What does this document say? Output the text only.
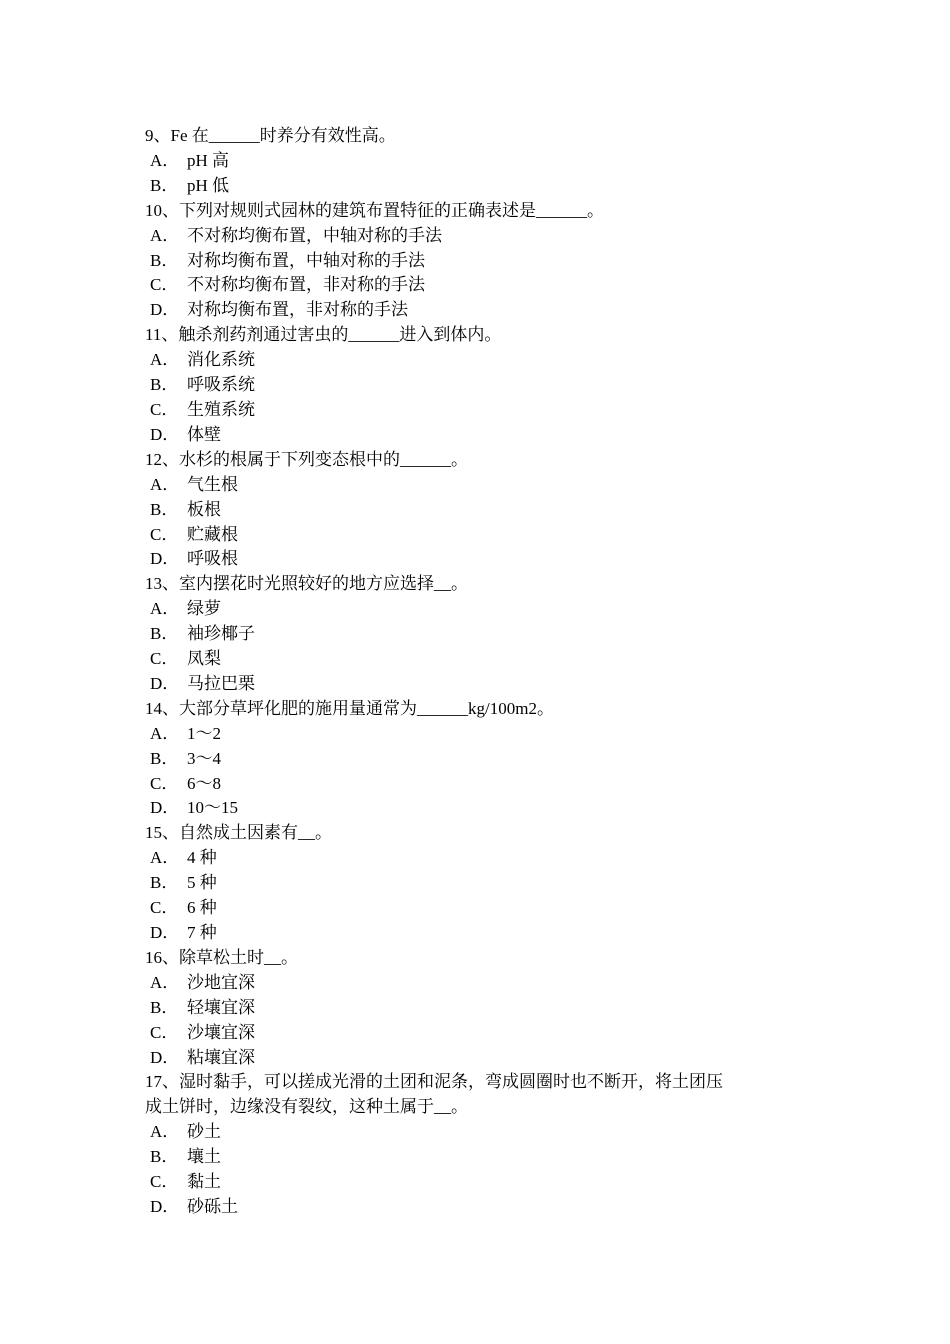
9、Fe 在______时养分有效性高。

A． pH 高

B． pH 低

10、下列对规则式园林的建筑布置特征的正确表述是______。

A． 不对称均衡布置，中轴对称的手法

B． 对称均衡布置，中轴对称的手法

C． 不对称均衡布置，非对称的手法

D． 对称均衡布置，非对称的手法

11、触杀剂药剂通过害虫的______进入到体内。

A． 消化系统

B． 呼吸系统

C． 生殖系统

D． 体壁

12、水杉的根属于下列变态根中的______。

A． 气生根

B． 板根

C． 贮藏根

D． 呼吸根

13、室内摆花时光照较好的地方应选择__。

A． 绿萝

B． 袖珍椰子

C． 凤梨

D． 马拉巴栗

14、大部分草坪化肥的施用量通常为______kg/100m2。

A． 1～2

B． 3～4

C． 6～8

D． 10～15

15、自然成土因素有__。

A． 4 种

B． 5 种

C． 6 种

D． 7 种

16、除草松土时__。

A． 沙地宜深

B． 轻壤宜深

C． 沙壤宜深

D． 粘壤宜深

17、湿时黏手，可以搓成光滑的土团和泥条，弯成圆圈时也不断开，将土团压
成土饼时，边缘没有裂纹，这种土属于__。

A． 砂土

B． 壤土

C． 黏土

D． 砂砾土
